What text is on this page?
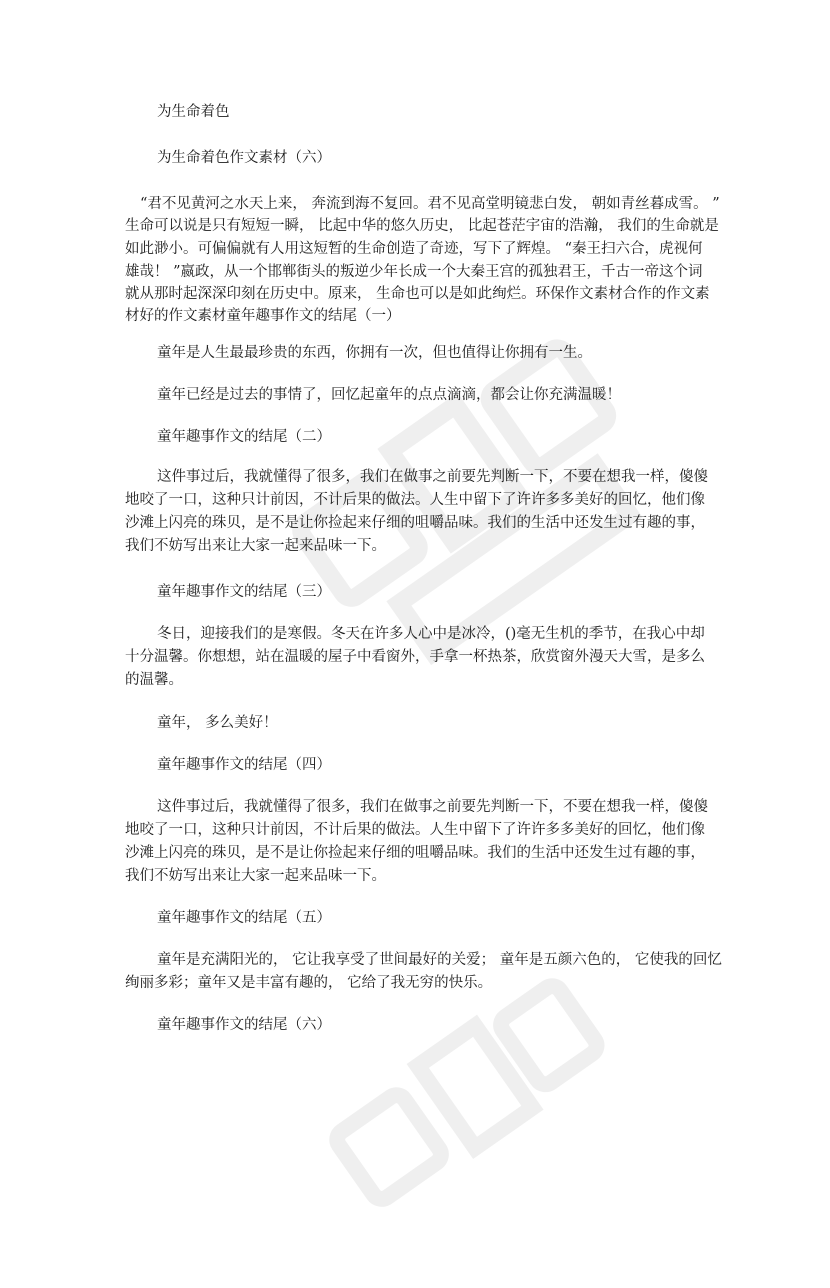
为生命着色
为生命着色作文素材（六）
“君不见黄河之水天上来， 奔流到海不复回。君不见高堂明镜悲白发， 朝如青丝暮成雪。 ”
生命可以说是只有短短一瞬， 比起中华的悠久历史， 比起苍茫宇宙的浩瀚， 我们的生命就是
如此渺小。可偏偏就有人用这短暂的生命创造了奇迹，写下了辉煌。 “秦王扫六合，虎视何
雄哉！ ”嬴政，从一个邯郸街头的叛逆少年长成一个大秦王宫的孤独君王，千古一帝这个词
就从那时起深深印刻在历史中。原来， 生命也可以是如此绚烂。环保作文素材合作的作文素
材好的作文素材童年趣事作文的结尾（一）
童年是人生最最珍贵的东西，你拥有一次，但也值得让你拥有一生。
童年已经是过去的事情了，回忆起童年的点点滴滴，都会让你充满温暖！
童年趣事作文的结尾（二）
这件事过后，我就懂得了很多，我们在做事之前要先判断一下，不要在想我一样，傻傻
地咬了一口，这种只计前因，不计后果的做法。人生中留下了许许多多美好的回忆，他们像
沙滩上闪亮的珠贝，是不是让你捡起来仔细的咀嚼品味。我们的生活中还发生过有趣的事，
我们不妨写出来让大家一起来品味一下。
童年趣事作文的结尾（三）
冬日，迎接我们的是寒假。冬天在许多人心中是冰冷，()毫无生机的季节，在我心中却
十分温馨。你想想，站在温暖的屋子中看窗外，手拿一杯热茶，欣赏窗外漫天大雪，是多么
的温馨。
童年， 多么美好！
童年趣事作文的结尾（四）
这件事过后，我就懂得了很多，我们在做事之前要先判断一下，不要在想我一样，傻傻
地咬了一口，这种只计前因，不计后果的做法。人生中留下了许许多多美好的回忆，他们像
沙滩上闪亮的珠贝，是不是让你捡起来仔细的咀嚼品味。我们的生活中还发生过有趣的事，
我们不妨写出来让大家一起来品味一下。
童年趣事作文的结尾（五）
童年是充满阳光的， 它让我享受了世间最好的关爱； 童年是五颜六色的， 它使我的回忆
绚丽多彩；童年又是丰富有趣的， 它给了我无穷的快乐。
童年趣事作文的结尾（六）
